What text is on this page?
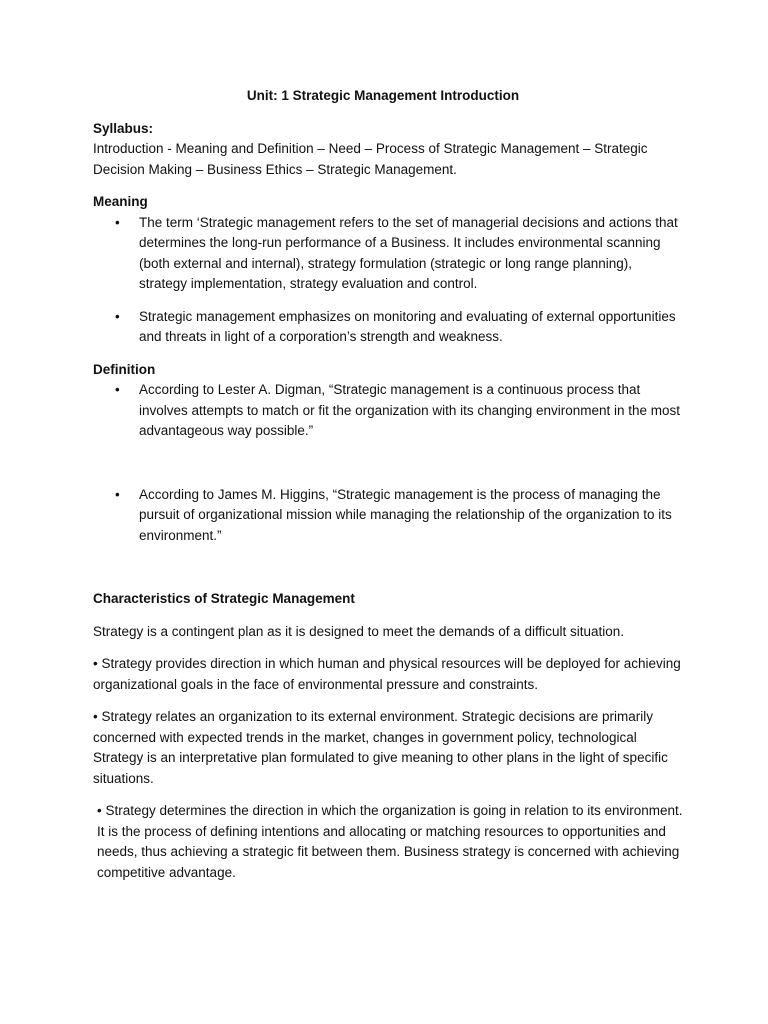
Unit: 1 Strategic Management Introduction

Syllabus:

Introduction - Meaning and Definition – Need – Process of Strategic Management – Strategic Decision Making – Business Ethics – Strategic Management.

Meaning

• The term ‘Strategic management refers to the set of managerial decisions and actions that determines the long-run performance of a Business. It includes environmental scanning (both external and internal), strategy formulation (strategic or long range planning), strategy implementation, strategy evaluation and control.
• Strategic management emphasizes on monitoring and evaluating of external opportunities and threats in light of a corporation’s strength and weakness.

Definition

• According to Lester A. Digman, “Strategic management is a continuous process that involves attempts to match or fit the organization with its changing environment in the most advantageous way possible.”
• According to James M. Higgins, “Strategic management is the process of managing the pursuit of organizational mission while managing the relationship of the organization to its environment.”

Characteristics of Strategic Management

Strategy is a contingent plan as it is designed to meet the demands of a difficult situation.

• Strategy provides direction in which human and physical resources will be deployed for achieving organizational goals in the face of environmental pressure and constraints.

• Strategy relates an organization to its external environment. Strategic decisions are primarily concerned with expected trends in the market, changes in government policy, technological Strategy is an interpretative plan formulated to give meaning to other plans in the light of specific situations.

• Strategy determines the direction in which the organization is going in relation to its environment. It is the process of defining intentions and allocating or matching resources to opportunities and needs, thus achieving a strategic fit between them. Business strategy is concerned with achieving competitive advantage.
